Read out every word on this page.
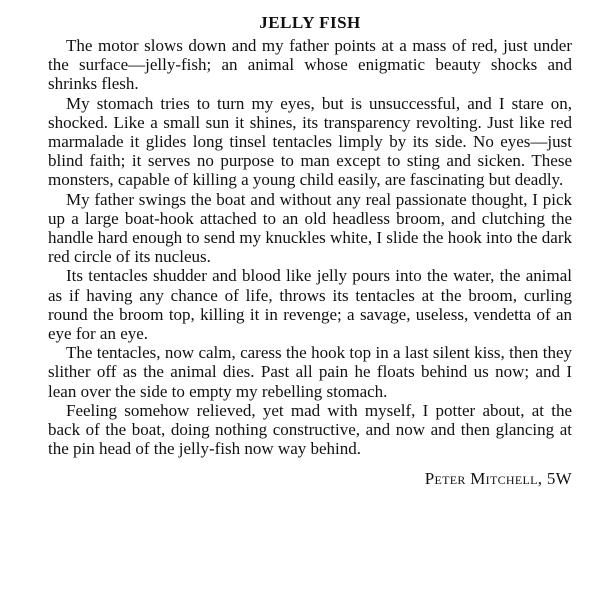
JELLY FISH

The motor slows down and my father points at a mass of red, just under the surface—jelly-fish; an animal whose enigmatic beauty shocks and shrinks flesh.

My stomach tries to turn my eyes, but is unsuccessful, and I stare on, shocked. Like a small sun it shines, its transparency revolting. Just like red marmalade it glides long tinsel tentacles limply by its side. No eyes—just blind faith; it serves no purpose to man except to sting and sicken. These monsters, capable of killing a young child easily, are fascinating but deadly.

My father swings the boat and without any real passionate thought, I pick up a large boat-hook attached to an old headless broom, and clutching the handle hard enough to send my knuckles white, I slide the hook into the dark red circle of its nucleus.

Its tentacles shudder and blood like jelly pours into the water, the animal as if having any chance of life, throws its tentacles at the broom, curling round the broom top, killing it in revenge; a savage, useless, vendetta of an eye for an eye.

The tentacles, now calm, caress the hook top in a last silent kiss, then they slither off as the animal dies. Past all pain he floats behind us now; and I lean over the side to empty my rebelling stomach.

Feeling somehow relieved, yet mad with myself, I potter about, at the back of the boat, doing nothing constructive, and now and then glancing at the pin head of the jelly-fish now way behind.

Peter Mitchell, 5W
